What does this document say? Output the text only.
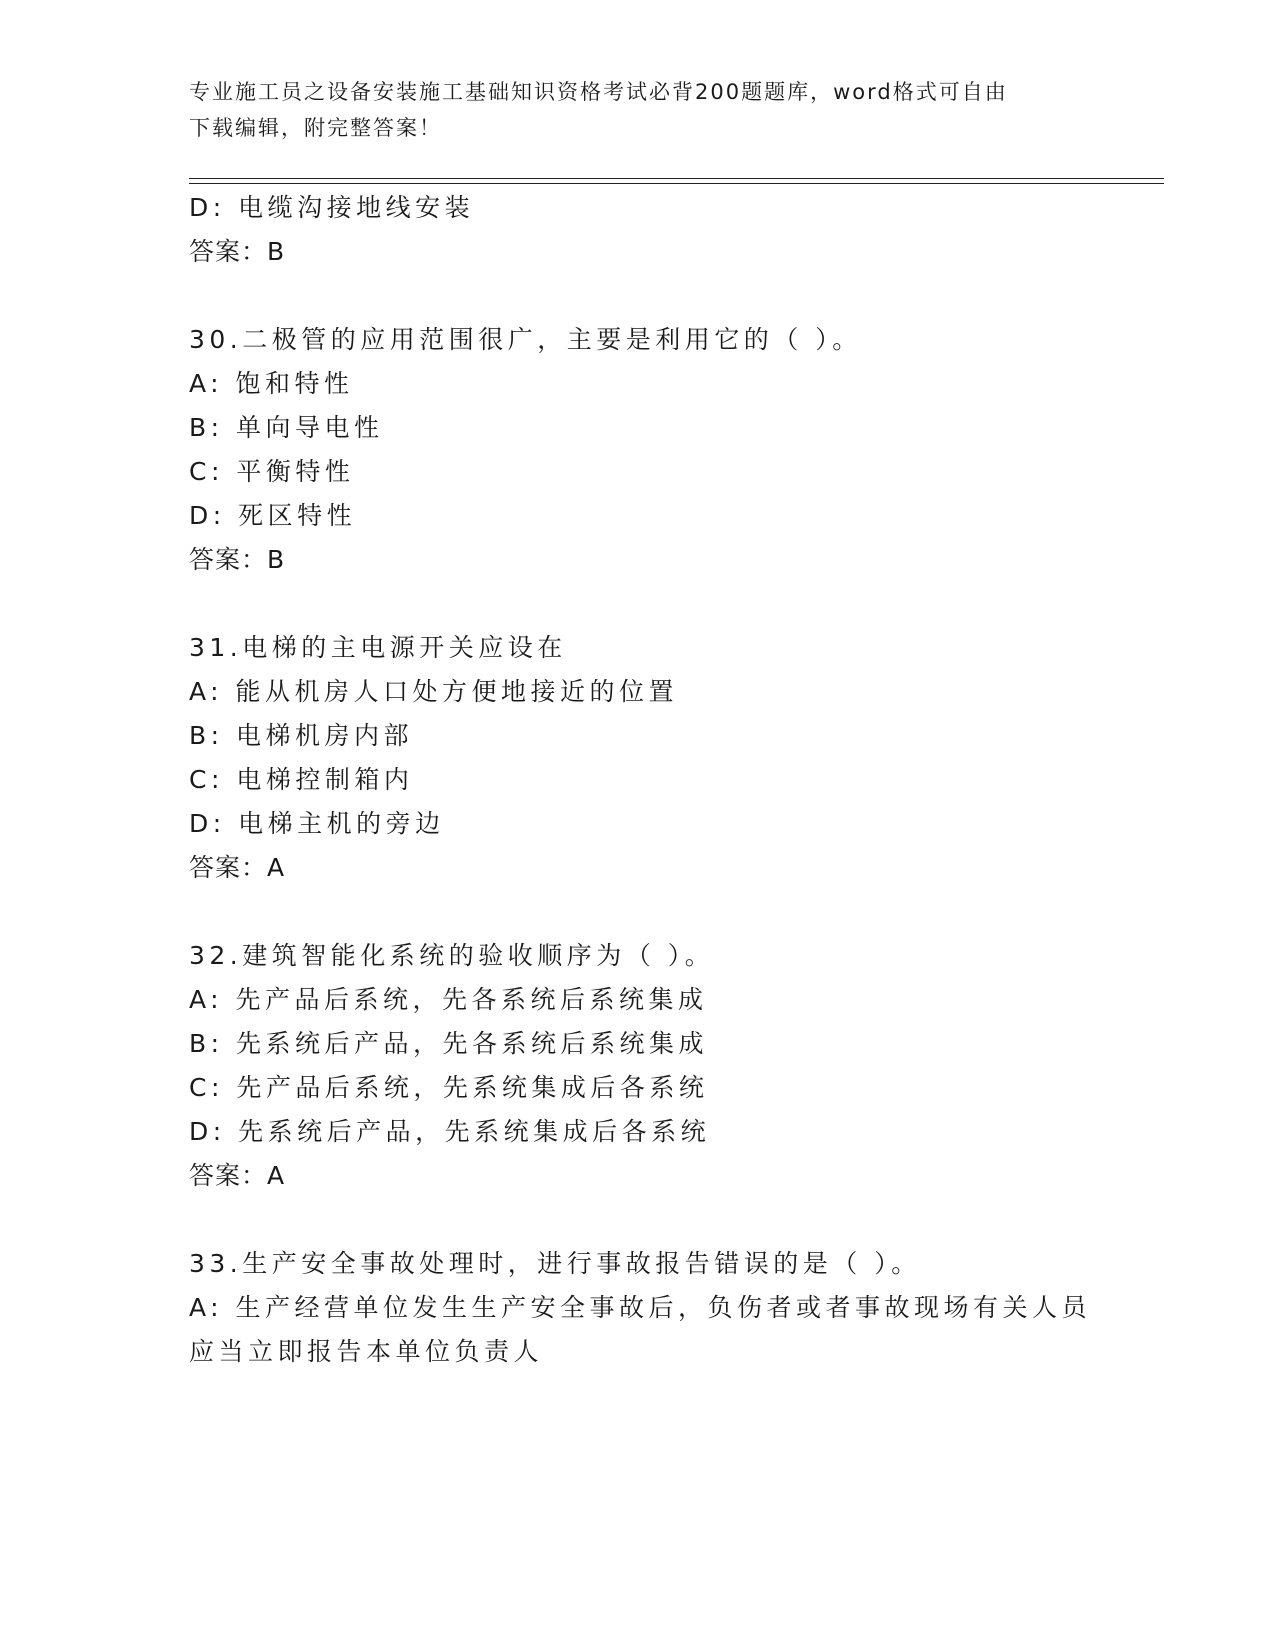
专业施工员之设备安装施工基础知识资格考试必背200题题库，word格式可自由
下载编辑，附完整答案！
D: 电缆沟接地线安装
答案：B
30.二极管的应用范围很广，主要是利用它的（ ）。
A: 饱和特性
B: 单向导电性
C: 平衡特性
D: 死区特性
答案：B
31.电梯的主电源开关应设在
A: 能从机房人口处方便地接近的位置
B: 电梯机房内部
C: 电梯控制箱内
D: 电梯主机的旁边
答案：A
32.建筑智能化系统的验收顺序为（ ）。
A: 先产品后系统，先各系统后系统集成
B: 先系统后产品，先各系统后系统集成
C: 先产品后系统，先系统集成后各系统
D: 先系统后产品，先系统集成后各系统
答案：A
33.生产安全事故处理时，进行事故报告错误的是（ ）。
A: 生产经营单位发生生产安全事故后，负伤者或者事故现场有关人员
应当立即报告本单位负责人
